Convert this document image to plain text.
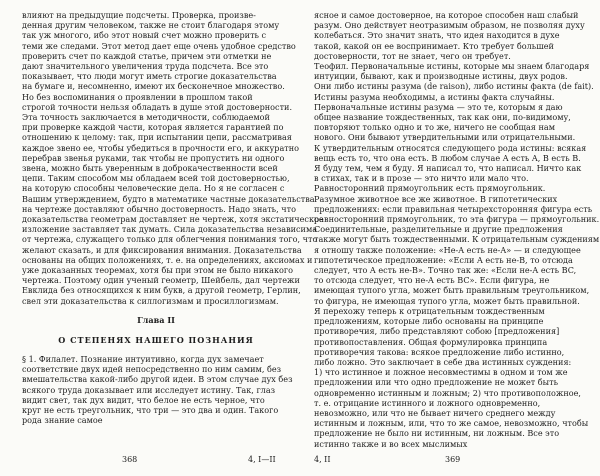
влияют на предыдущие подсчеты. Проверка, произве-
денная другим человеком, также не стоит благодаря этому
так уж многого, ибо этот новый счет можно проверить с
теми же следами. Этот метод дает еще очень удобное средство
проверить счет по каждой статье, причем эти отметки не
дают значительного увеличения труда подсчета. Все это
показывает, что люди могут иметь строгие доказательства
на бумаге и, несомненно, имеют их бесконечное множество.
Но без воспоминания о проявлении в прошлом такой
строгой точности нельзя обладать в душе этой достоверности.
Эта точность заключается в методичности, соблюдаемой
при проверке каждой части, которая является гарантией по
отношению к целому: так, при испытании цепи, рассматривая
каждое звено ее, чтобы убедиться в прочности его, и аккуратно
перебрав звенья руками, так чтобы не пропустить ни одного
звена, можно быть уверенным в доброкачественности всей
цепи. Таким способом мы обладаем всей той достоверностью,
на которую способны человеческие дела. Но я не согласен с
Вашим утверждением, будто в математике частные доказательства
на чертеже доставляют обычно достоверность. Надо знать, что
доказательства геометрам доставляет не чертеж, хотя экстатическое
изложение заставляет так думать. Сила доказательства независима
от чертежа, служащего только для облегчения понимания того, что
желают сказать, и для фиксирования внимания. Доказательства
основаны на общих положениях, т. е. на определениях, аксиомах и
уже доказанных теоремах, хотя бы при этом не было никакого
чертежа. Поэтому один ученый геометр, Шейбель, дал чертежи
Евклида без относящихся к ним букв, а другой геометр, Герлин,
свел эти доказательства к силлогизмам и просиллогизмам.
Глава II
О СТЕПЕНЯХ НАШЕГО ПОЗНАНИЯ
§ 1. Филалет. Познание интуитивно, когда дух замечает
соответствие двух идей непосредственно по ним самим, без
вмешательства какой-либо другой идеи. В этом случае дух без
всякого труда доказывает или исследует истину. Так, глаз
видит свет, так дух видит, что белое не есть черное, что
круг не есть треугольник, что три — это два и один. Такого
рода знание самое
368	4, I—II
ясное и самое достоверное, на которое способен наш слабый
разум. Оно действует неотразимым образом, не позволяя духу
колебаться. Это значит знать, что идея находится в духе
такой, какой он ее воспринимает. Кто требует большей
достоверности, тот не знает, чего он требует.
Теофил. Первоначальные истины, которые мы знаем благодаря
интуиции, бывают, как и производные истины, двух родов.
Они либо истины разума (de raison), либо истины факта (de fait).
Истины разума необходимы, а истины факта случайны.
Первоначальные истины разума — это те, которым я даю
общее название тождественных, так как они, по-видимому,
повторяют только одно и то же, ничего не сообщая нам
нового. Они бывают утвердительными или отрицательными.
К утвердительным относятся следующего рода истины: всякая
вещь есть то, что она есть. В любом случае A есть A, B есть B.
Я буду тем, чем я буду. Я написал то, что написал. Ничто как
в стихах, так и в прозе — это ничто или мало что.
Равносторонний прямоугольник есть прямоугольник.
Разумное животное все же животное. В гипотетических
предложениях: если правильная четырехсторонняя фигура есть
равносторонний прямоугольник, то эта фигура — прямоугольник.
Соединительные, разделительные и другие предложения
также могут быть тождественными. К отрицательным суждениям
я отношу также положение: «Не-A есть не-A» — и следующее
гипотетическое предложение: «Если A есть не-B, то отсюда
следует, что A есть не-B». Точно так же: «Если не-A есть BC,
то отсюда следует, что не-A есть BC». Если фигура, не
имеющая тупого угла, может быть правильным треугольником,
то фигура, не имеющая тупого угла, может быть правильной.
Я перехожу теперь к отрицательным тождественным
предложениям, которые либо основаны на принципе
противоречия, либо представляют собою [предложения]
противопоставления. Общая формулировка принципа
противоречия такова: всякое предложение либо истинно,
либо ложно. Это заключает в себе два истинных суждения:
1) что истинное и ложное несовместимы в одном и том же
предложении или что одно предложение не может быть
одновременно истинным и ложным; 2) что противоположное,
т. е. отрицание истинного и ложного одновременно,
невозможно, или что не бывает ничего среднего между
истинным и ложным, или, что то же самое, невозможно, чтобы
предложение не было ни истинным, ни ложным. Все это
истинно также и во всех мыслимых
4, II	369
